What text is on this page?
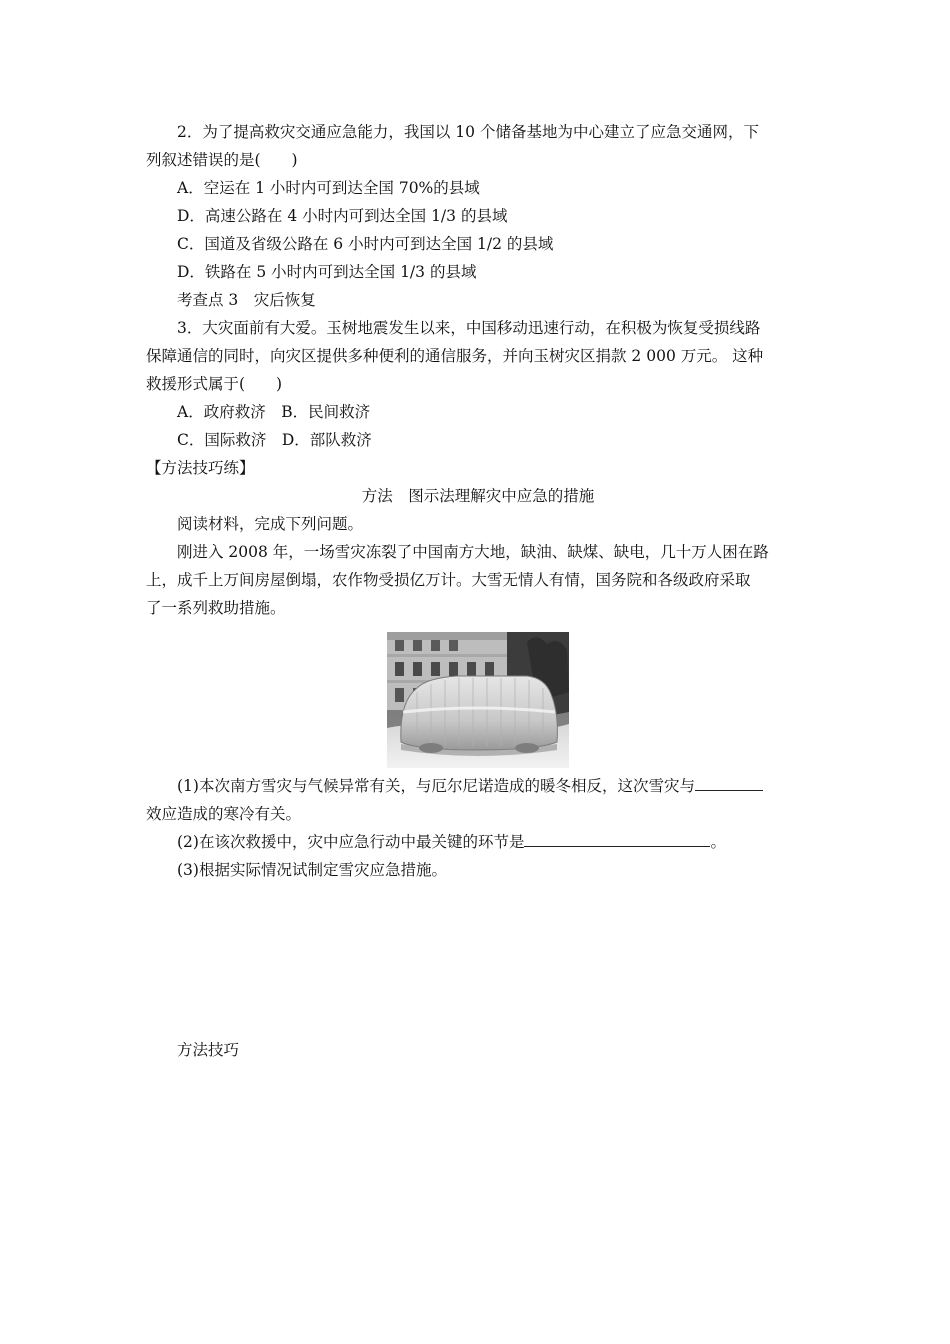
2．为了提高救灾交通应急能力，我国以 10 个储备基地为中心建立了应急交通网，下

列叙述错误的是(　　)

A．空运在 1 小时内可到达全国 70%的县域

D．高速公路在 4 小时内可到达全国 1/3 的县域

C．国道及省级公路在 6 小时内可到达全国 1/2 的县域

D．铁路在 5 小时内可到达全国 1/3 的县域

考查点 3　灾后恢复

3．大灾面前有大爱。玉树地震发生以来，中国移动迅速行动，在积极为恢复受损线路

保障通信的同时，向灾区提供多种便利的通信服务，并向玉树灾区捐款 2 000 万元。 这种

救援形式属于(　　)

A．政府救济　B．民间救济

C．国际救济　D．部队救济

【方法技巧练】

方法　图示法理解灾中应急的措施

阅读材料，完成下列问题。

刚进入 2008 年，一场雪灾冻裂了中国南方大地，缺油、缺煤、缺电，几十万人困在路

上，成千上万间房屋倒塌，农作物受损亿万计。大雪无情人有情，国务院和各级政府采取

了一系列救助措施。

(1)本次南方雪灾与气候异常有关，与厄尔尼诺造成的暖冬相反，这次雪灾与

效应造成的寒冷有关。

(2)在该次救援中，灾中应急行动中最关键的环节是	。

(3)根据实际情况试制定雪灾应急措施。

方法技巧
